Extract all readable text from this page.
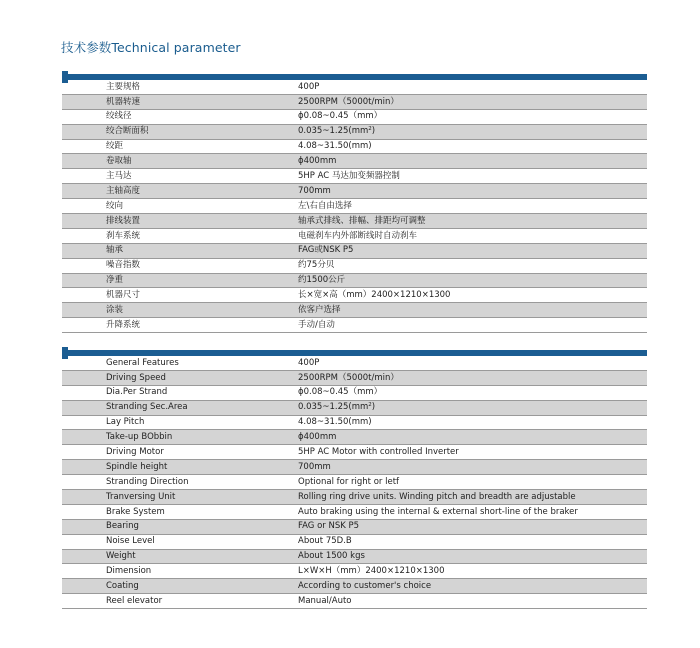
技术参数Technical parameter
主要规格	400P
机器转速	2500RPM（5000t/min）
绞线径	ϕ0.08~0.45（mm）
绞合断面积	$0.035\sim 1.25(mm^2)$
绞距	4.08~31.50(mm)
卷取轴	ϕ400mm
主马达	5HP AC 马达加变频器控制
主轴高度	700mm
绞向	左\右自由选择
排线装置	轴承式排线、排幅、排距均可调整
刹车系统	电磁刹车内外部断线时自动刹车
轴承	FAG或NSK P5
噪音指数	约75分贝
净重	约1500公斤
机器尺寸	长×宽×高（mm）2400×1210×1300
涂装	依客户选择
升降系统	手动/自动
General Features	400P
Driving Speed	2500RPM（5000t/min）
Dia.Per Strand	ϕ0.08~0.45（mm）
Stranding Sec.Area	$0.035\sim 1.25(mm^2)$
Lay Pitch	4.08~31.50(mm)
Take-up BObbin	ϕ400mm
Driving Motor	5HP AC Motor with controlled Inverter
Spindle height	700mm
Stranding Direction	Optional for right or letf
Tranversing Unit	Rolling ring drive units. Winding pitch and breadth are adjustable
Brake System	Auto braking using the internal & external short-line of the braker
Bearing	FAG or NSK P5
Noise Level	About 75D.B
Weight	About 1500 kgs
Dimension	L×W×H（mm）2400×1210×1300
Coating	According to customer's choice
Reel elevator	Manual/Auto
